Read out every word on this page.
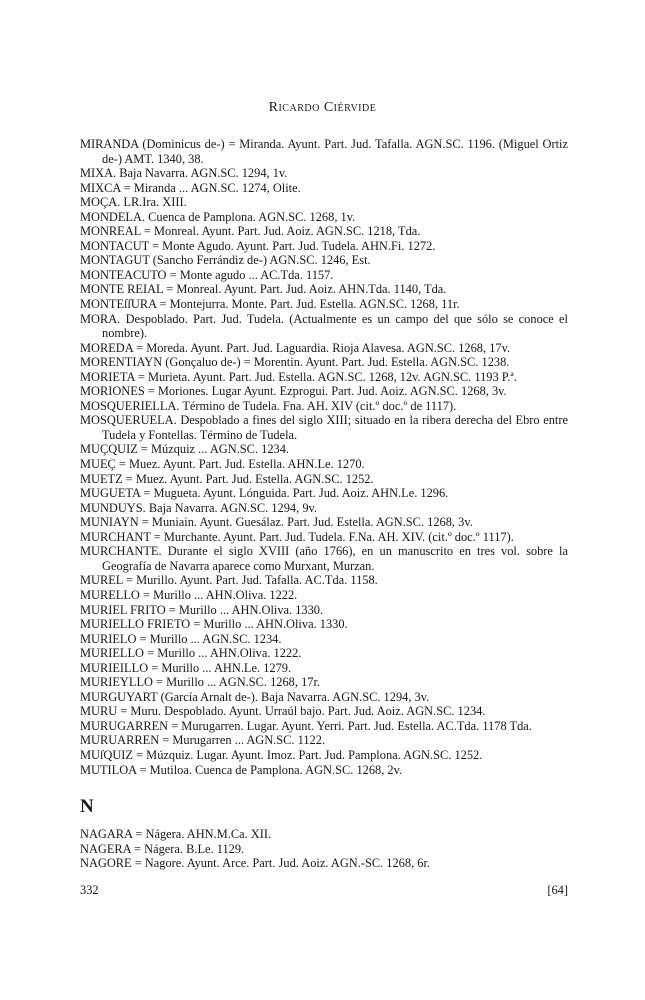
Ricardo Ciérvide
MIRANDA (Dominicus de-) = Miranda. Ayunt. Part. Jud. Tafalla. AGN.SC. 1196. (Miguel Ortiz de-) AMT. 1340, 38.
MIXA. Baja Navarra. AGN.SC. 1294, 1v.
MIXCA = Miranda ... AGN.SC. 1274, Olite.
MOÇA. LR.Ira. XIII.
MONDELA. Cuenca de Pamplona. AGN.SC. 1268, 1v.
MONREAL = Monreal. Ayunt. Part. Jud. Aoiz. AGN.SC. 1218, Tda.
MONTACUT = Monte Agudo. Ayunt. Part. Jud. Tudela. AHN.Fi. 1272.
MONTAGUT (Sancho Ferrándiz de-) AGN.SC. 1246, Est.
MONTEACUTO = Monte agudo ... AC.Tda. 1157.
MONTE REIAL = Monreal. Ayunt. Part. Jud. Aoiz. AHN.Tda. 1140, Tda.
MONTEſſURA = Montejurra. Monte. Part. Jud. Estella. AGN.SC. 1268, 11r.
MORA. Despoblado. Part. Jud. Tudela. (Actualmente es un campo del que sólo se conoce el nombre).
MOREDA = Moreda. Ayunt. Part. Jud. Laguardia. Rioja Alavesa. AGN.SC. 1268, 17v.
MORENTIAYN (Gonçaluo de-) = Morentin. Ayunt. Part. Jud. Estella. AGN.SC. 1238.
MORIETA = Murieta. Ayunt. Part. Jud. Estella. AGN.SC. 1268, 12v. AGN.SC. 1193 P.ª.
MORIONES = Moriones. Lugar Ayunt. Ezprogui. Part. Jud. Aoiz. AGN.SC. 1268, 3v.
MOSQUERIELLA. Término de Tudela. Fna. AH. XIV (cit.º doc.º de 1117).
MOSQUERUELA. Despoblado a fines del siglo XIII; situado en la ribera derecha del Ebro entre Tudela y Fontellas. Término de Tudela.
MUÇQUIZ = Múzquiz ... AGN.SC. 1234.
MUEÇ = Muez. Ayunt. Part. Jud. Estella. AHN.Le. 1270.
MUETZ = Muez. Ayunt. Part. Jud. Estella. AGN.SC. 1252.
MUGUETA = Mugueta. Ayunt. Lónguida. Part. Jud. Aoiz. AHN.Le. 1296.
MUNDUYS. Baja Navarra. AGN.SC. 1294, 9v.
MUNIAYN = Muniain. Ayunt. Guesálaz. Part. Jud. Estella. AGN.SC. 1268, 3v.
MURCHANT = Murchante. Ayunt. Part. Jud. Tudela. F.Na. AH. XIV. (cit.º doc.º 1117).
MURCHANTE. Durante el siglo XVIII (año 1766), en un manuscrito en tres vol. sobre la Geografía de Navarra aparece como Murxant, Murzan.
MUREL = Murillo. Ayunt. Part. Jud. Tafalla. AC.Tda. 1158.
MURELLO = Murillo ... AHN.Oliva. 1222.
MURIEL FRITO = Murillo ... AHN.Oliva. 1330.
MURIELLO FRIETO = Murillo ... AHN.Oliva. 1330.
MURIELO = Murillo ... AGN.SC. 1234.
MURIELLO = Murillo ... AHN.Oliva. 1222.
MURIEILLO = Murillo ... AHN.Le. 1279.
MURIEYLLO = Murillo ... AGN.SC. 1268, 17r.
MURGUYART (García Arnalt de-). Baja Navarra. AGN.SC. 1294, 3v.
MURU = Muru. Despoblado. Ayunt. Urraúl bajo. Part. Jud. Aoiz. AGN.SC. 1234.
MURUGARREN = Murugarren. Lugar. Ayunt. Yerri. Part. Jud. Estella. AC.Tda. 1178 Tda.
MURUARREN = Murugarren ... AGN.SC. 1122.
MUſQUIZ = Múzquiz. Lugar. Ayunt. Imoz. Part. Jud. Pamplona. AGN.SC. 1252.
MUTILOA = Mutiloa. Cuenca de Pamplona. AGN.SC. 1268, 2v.
N
NAGARA = Nágera. AHN.M.Ca. XII.
NAGERA = Nágera. B.Le. 1129.
NAGORE = Nagore. Ayunt. Arce. Part. Jud. Aoiz. AGN.-SC. 1268, 6r.
332	[64]
